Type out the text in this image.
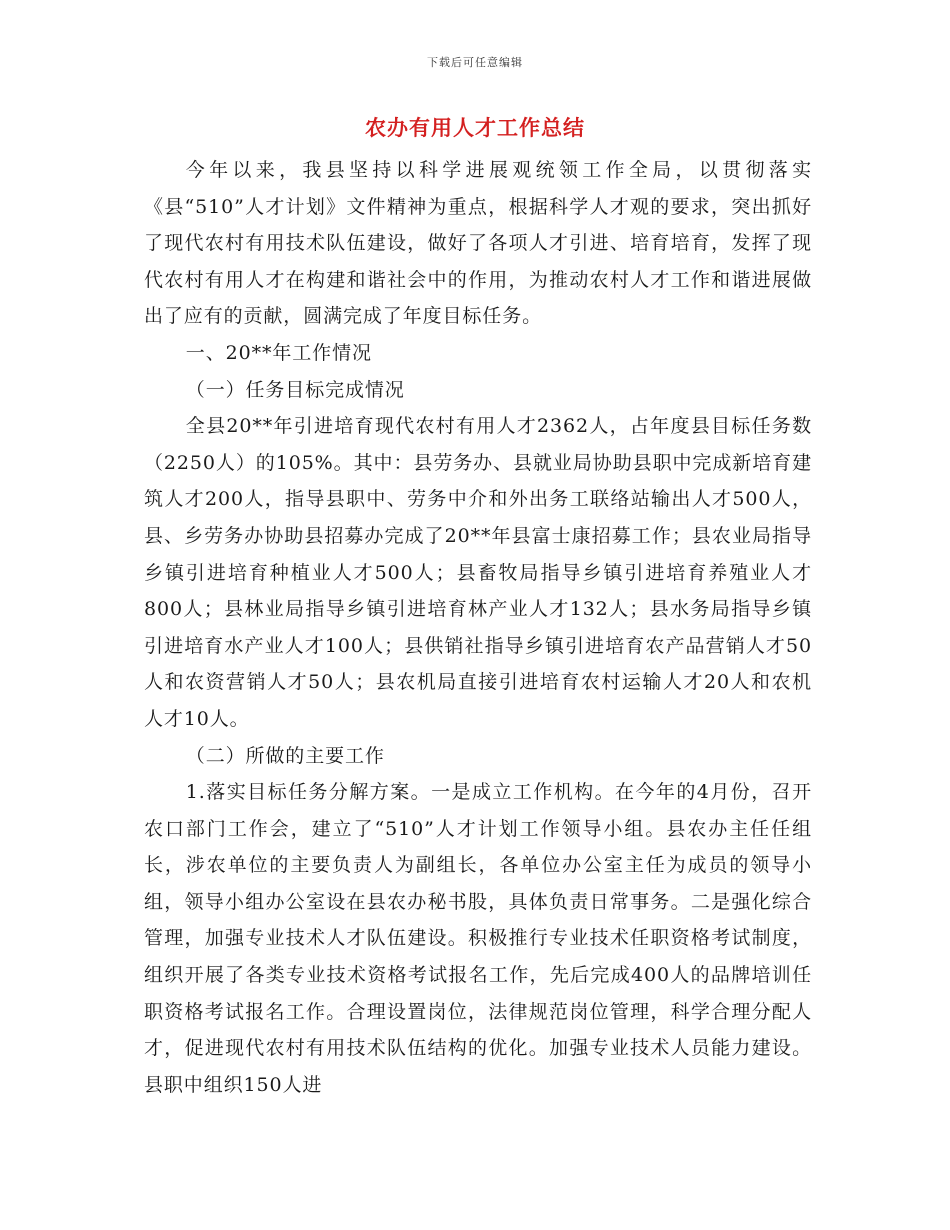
下载后可任意编辑
农办有用人才工作总结

今年以来，我县坚持以科学进展观统领工作全局，以贯彻落实《县“510”人才计划》文件精神为重点，根据科学人才观的要求，突出抓好了现代农村有用技术队伍建设，做好了各项人才引进、培育培育，发挥了现代农村有用人才在构建和谐社会中的作用，为推动农村人才工作和谐进展做出了应有的贡献，圆满完成了年度目标任务。

一、20**年工作情况

（一）任务目标完成情况

全县20**年引进培育现代农村有用人才2362人，占年度县目标任务数（2250人）的105%。其中：县劳务办、县就业局协助县职中完成新培育建筑人才200人，指导县职中、劳务中介和外出务工联络站输出人才500人，县、乡劳务办协助县招募办完成了20**年县富士康招募工作；县农业局指导乡镇引进培育种植业人才500人；县畜牧局指导乡镇引进培育养殖业人才800人；县林业局指导乡镇引进培育林产业人才132人；县水务局指导乡镇引进培育水产业人才100人；县供销社指导乡镇引进培育农产品营销人才50人和农资营销人才50人；县农机局直接引进培育农村运输人才20人和农机人才10人。

（二）所做的主要工作

1.落实目标任务分解方案。一是成立工作机构。在今年的4月份，召开农口部门工作会，建立了“510”人才计划工作领导小组。县农办主任任组长，涉农单位的主要负责人为副组长，各单位办公室主任为成员的领导小组，领导小组办公室设在县农办秘书股，具体负责日常事务。二是强化综合管理，加强专业技术人才队伍建设。积极推行专业技术任职资格考试制度，组织开展了各类专业技术资格考试报名工作，先后完成400人的品牌培训任职资格考试报名工作。合理设置岗位，法律规范岗位管理，科学合理分配人才，促进现代农村有用技术队伍结构的优化。加强专业技术人员能力建设。县职中组织150人进
